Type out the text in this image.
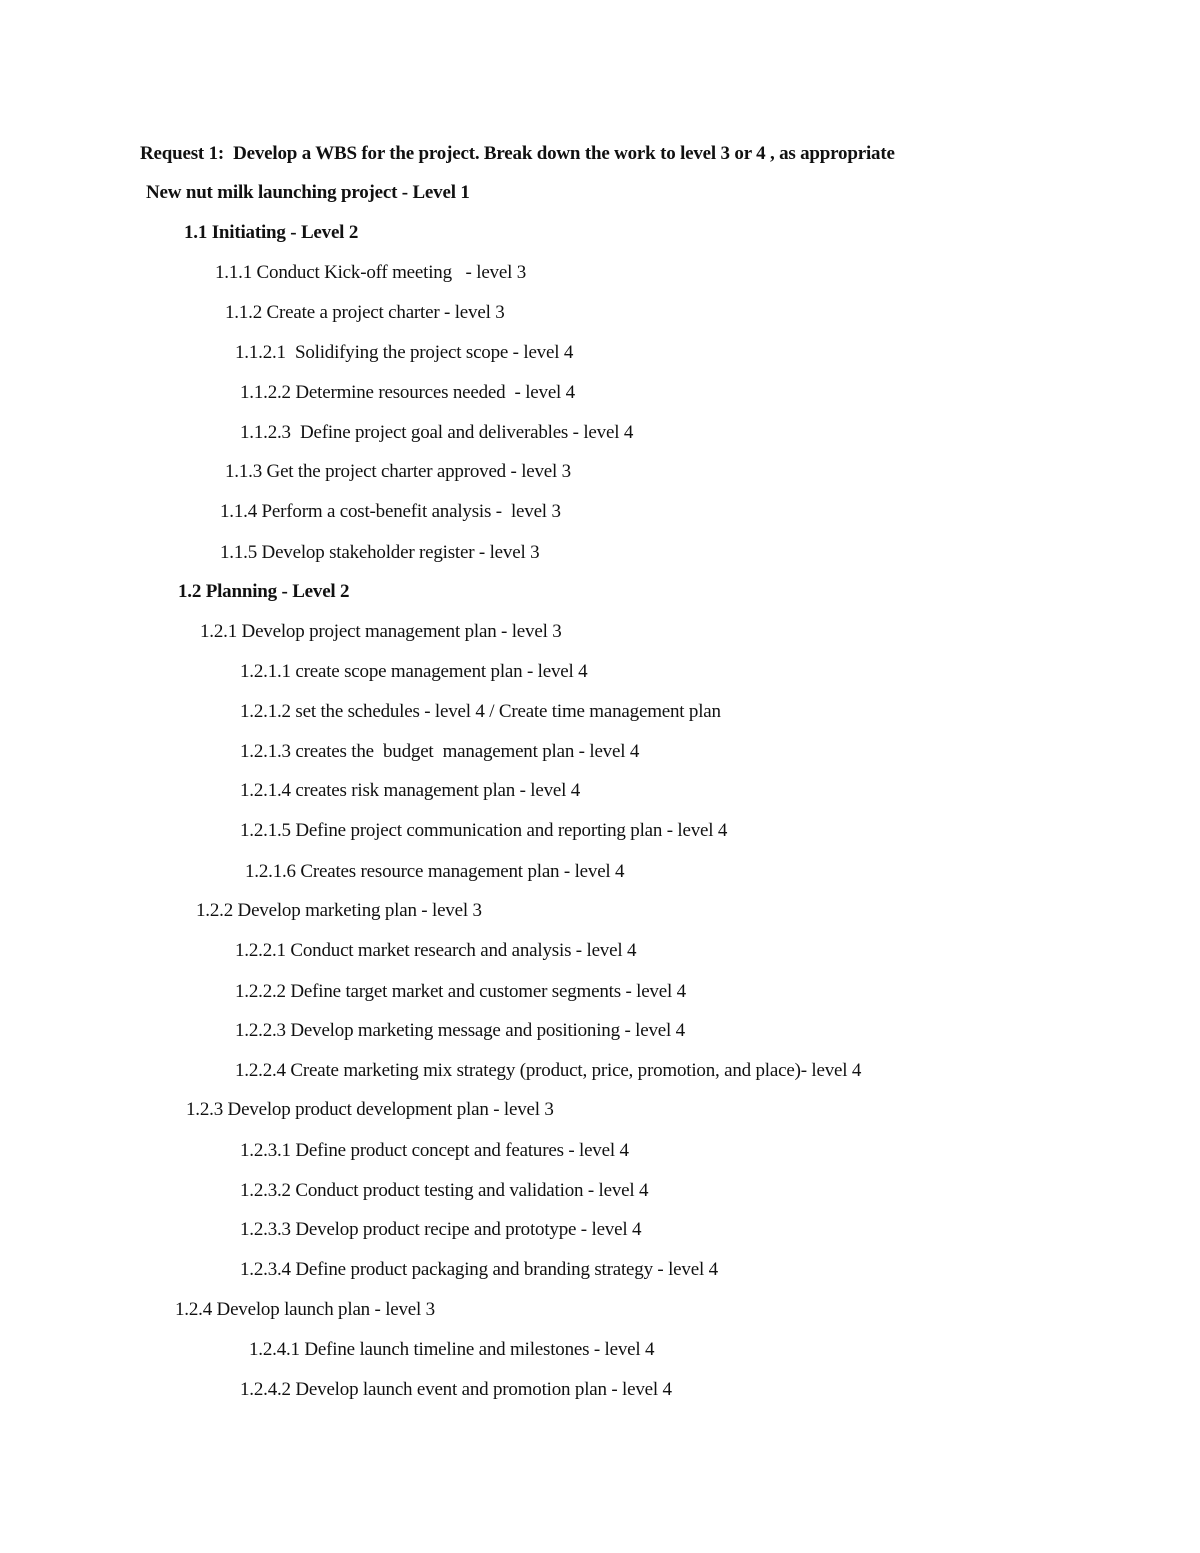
Request 1:  Develop a WBS for the project. Break down the work to level 3 or 4 , as appropriate
New nut milk launching project - Level 1
1.1 Initiating - Level 2
1.1.1 Conduct Kick-off meeting   - level 3
1.1.2 Create a project charter - level 3
1.1.2.1  Solidifying the project scope - level 4
1.1.2.2 Determine resources needed  - level 4
1.1.2.3  Define project goal and deliverables - level 4
1.1.3 Get the project charter approved - level 3
1.1.4 Perform a cost-benefit analysis -  level 3
1.1.5 Develop stakeholder register - level 3
1.2 Planning - Level 2
1.2.1 Develop project management plan - level 3
1.2.1.1 create scope management plan - level 4
1.2.1.2 set the schedules - level 4 / Create time management plan
1.2.1.3 creates the  budget  management plan - level 4
1.2.1.4 creates risk management plan - level 4
1.2.1.5 Define project communication and reporting plan - level 4
1.2.1.6 Creates resource management plan - level 4
1.2.2 Develop marketing plan - level 3
1.2.2.1 Conduct market research and analysis - level 4
1.2.2.2 Define target market and customer segments - level 4
1.2.2.3 Develop marketing message and positioning - level 4
1.2.2.4 Create marketing mix strategy (product, price, promotion, and place)- level 4
1.2.3 Develop product development plan - level 3
1.2.3.1 Define product concept and features - level 4
1.2.3.2 Conduct product testing and validation - level 4
1.2.3.3 Develop product recipe and prototype - level 4
1.2.3.4 Define product packaging and branding strategy - level 4
1.2.4 Develop launch plan - level 3
1.2.4.1 Define launch timeline and milestones - level 4
1.2.4.2 Develop launch event and promotion plan - level 4
